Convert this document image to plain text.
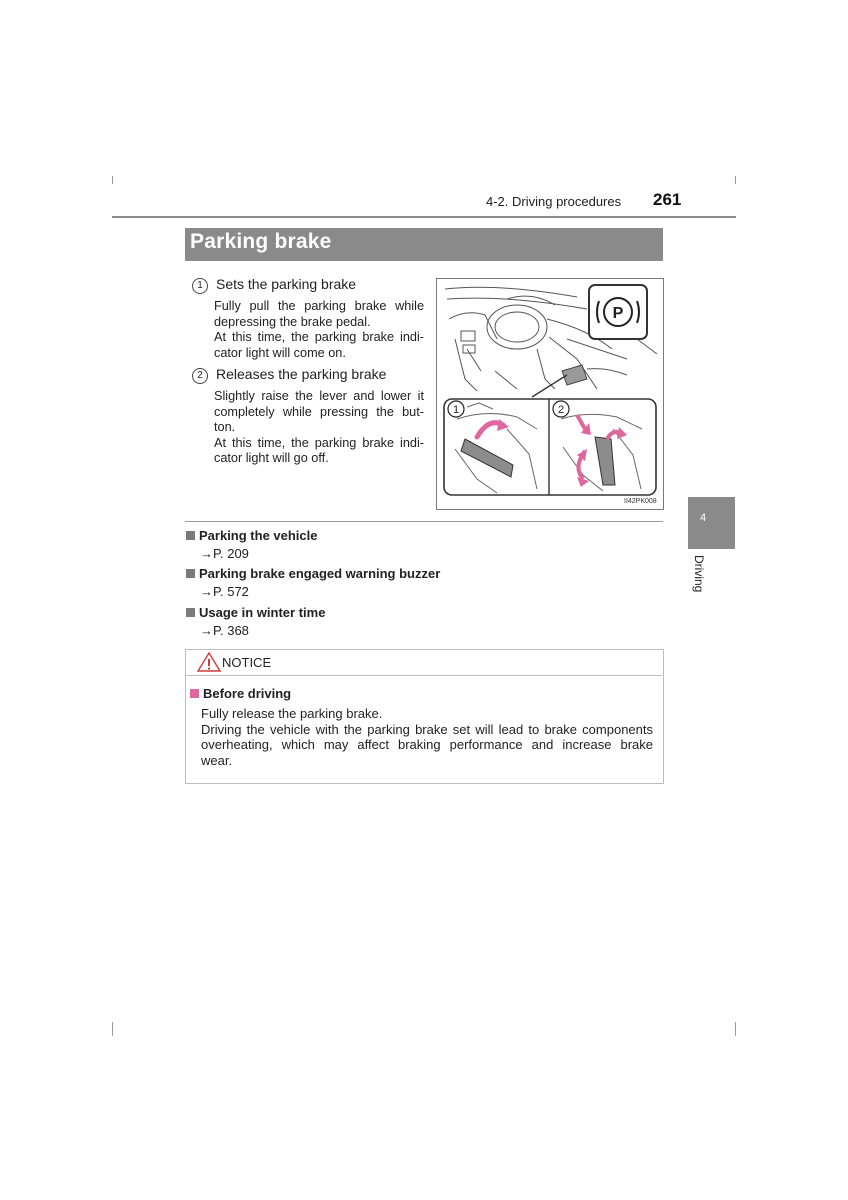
4-2. Driving procedures 261
Parking brake
1 Sets the parking brake
Fully pull the parking brake while
depressing the brake pedal.
At this time, the parking brake indi-
cator light will come on.
2 Releases the parking brake
Slightly raise the lever and lower it
completely while pressing the but-
ton.
At this time, the parking brake indi-
cator light will go off.
P
1	2
II42PK008
Parking the vehicle
→P. 209
Parking brake engaged warning buzzer
→P. 572
Usage in winter time
→P. 368
NOTICE
Before driving
Fully release the parking brake.
Driving the vehicle with the parking brake set will lead to brake components
overheating, which may affect braking performance and increase brake
wear.
4
Driving
